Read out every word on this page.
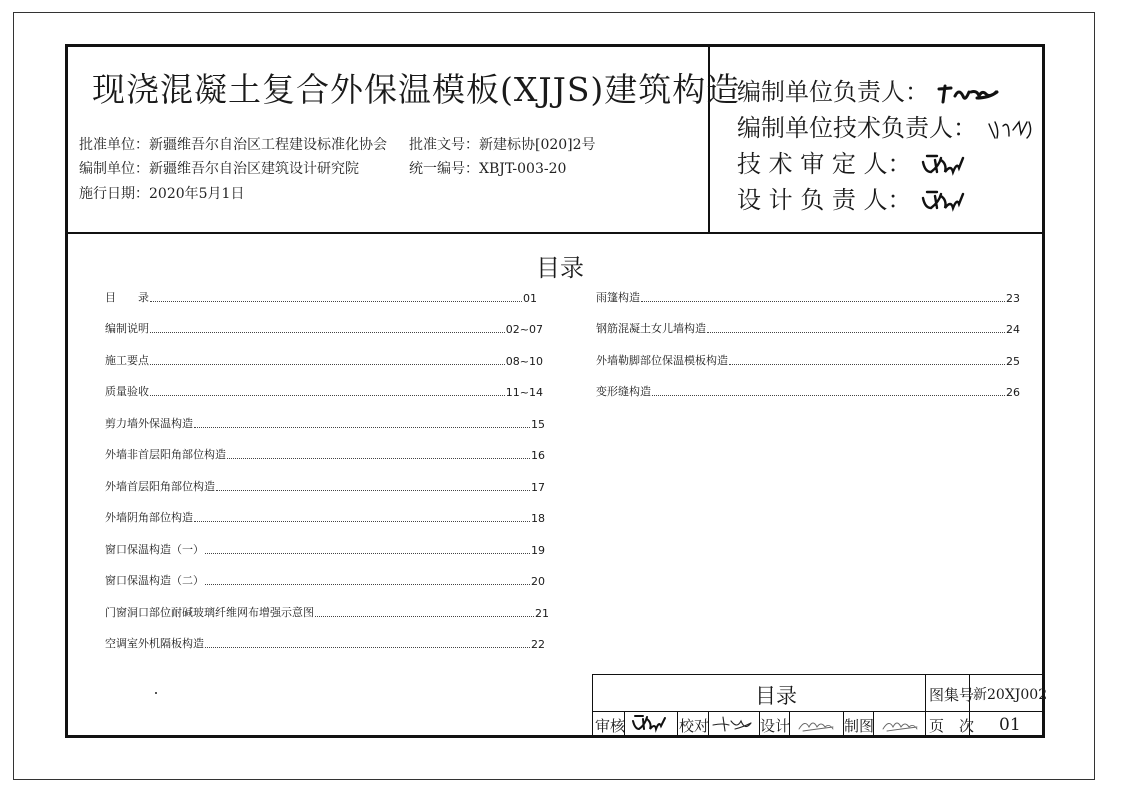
现浇混凝土复合外保温模板(XJJS)建筑构造
批准单位：新疆维吾尔自治区工程建设标准化协会 批准文号：新建标协[020]2号
编制单位：新疆维吾尔自治区建筑设计研究院	统一编号：XBJT-003-20
施行日期：2020年5月1日
编制单位负责人：
编制单位技术负责人：
技 术 审 定 人：
设 计 负 责 人：
目录
目　　录	01
编制说明	02~07
施工要点	08~10
质量验收	11~14
剪力墙外保温构造	15
外墙非首层阳角部位构造	16
外墙首层阳角部位构造	17
外墙阴角部位构造	18
窗口保温构造（一）	19
窗口保温构造（二）	20
门窗洞口部位耐碱玻璃纤维网布增强示意图	21
空调室外机隔板构造	22
雨篷构造	23
钢筋混凝土女儿墙构造	24
外墙勒脚部位保温模板构造	25
变形缝构造	26
目录	图集号
新20XJ002
审核	校对	设计	制图	页　次 01
